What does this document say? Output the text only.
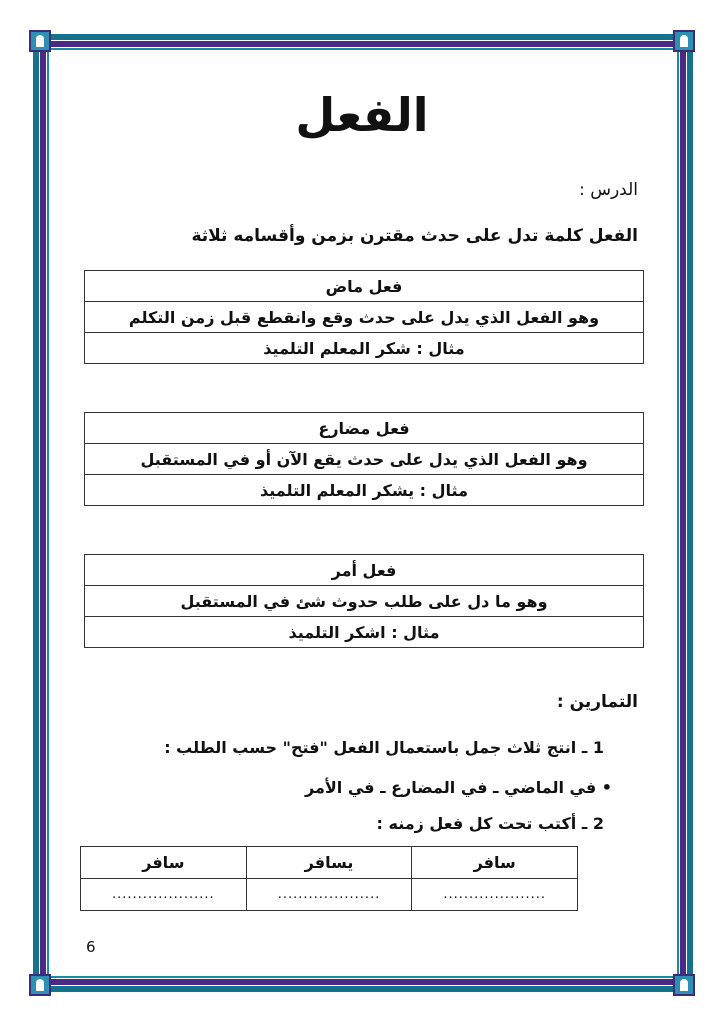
الفعل
الدرس :
الفعل كلمة تدل على حدث مقترن بزمن وأقسامه ثلاثة
فعل ماض
وهو الفعل الذي يدل على حدث وقع وانقطع قبل زمن التكلم
مثال : شكر المعلم التلميذ
فعل مضارع
وهو الفعل الذي يدل على حدث يقع الآن أو في المستقبل
مثال : يشكر المعلم التلميذ
فعل أمر
وهو ما دل على طلب حدوث شئ في المستقبل
مثال : اشكر التلميذ
التمارين :
1 ـ انتج ثلاث جمل باستعمال الفعل "فتح" حسب الطلب :
• في الماضي ـ في المضارع ـ في الأمر
2 ـ أكتب تحت كل فعل زمنه :
سافر	يسافر	سافر
....................	....................	....................
6
